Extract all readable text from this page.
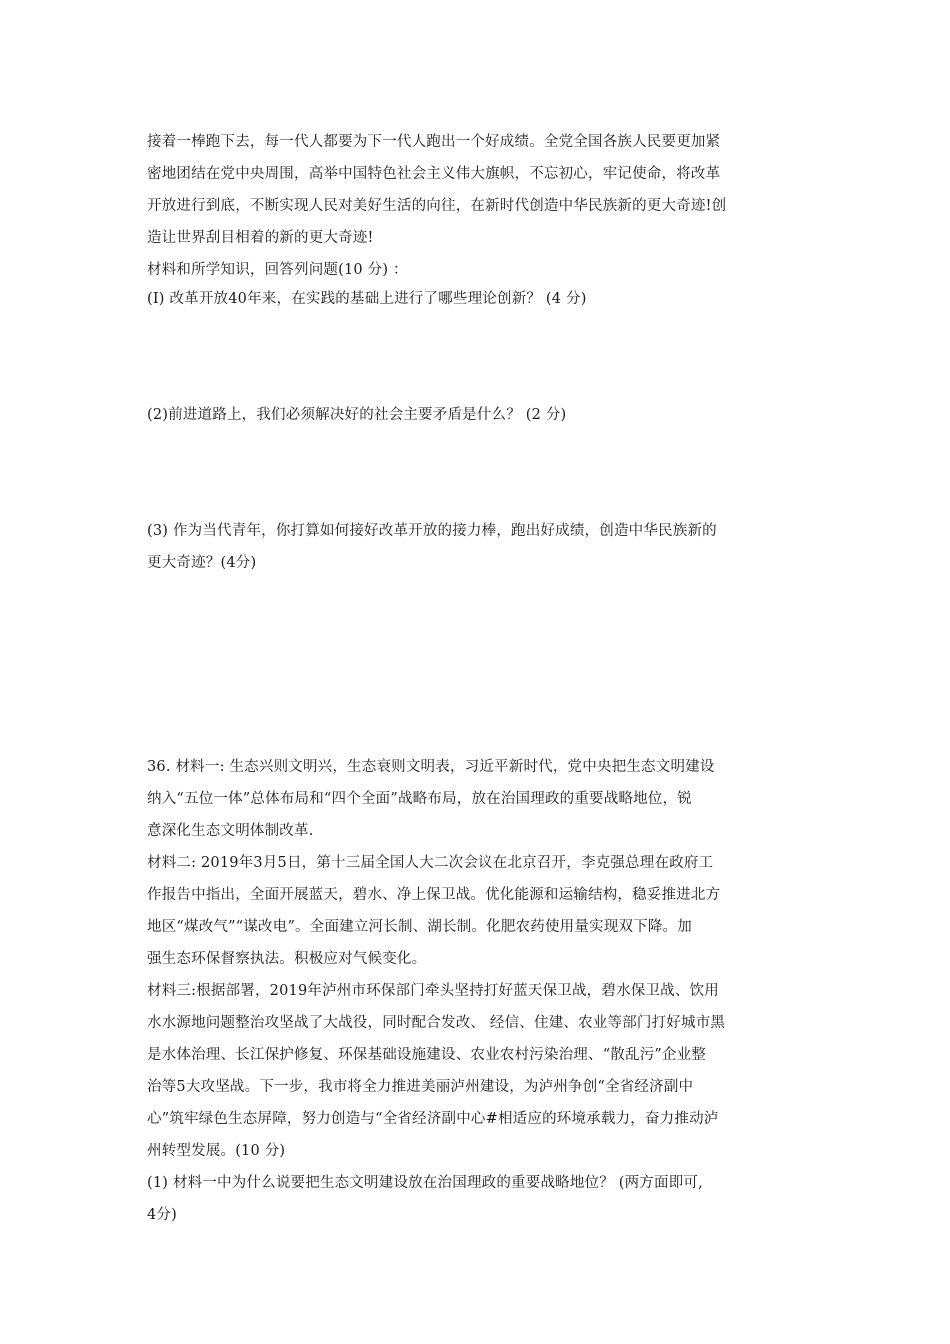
接着一棒跑下去，每一代人都要为下一代人跑出一个好成绩。全党全国各族人民要更加紧
密地团结在党中央周围，高举中国特色社会主义伟大旗帜，不忘初心，牢记使命，将改革
开放进行到底，不断实现人民对美好生活的向往，在新时代创造中华民族新的更大奇迹!创
造让世界刮目相着的新的更大奇迹!
材料和所学知识，回答列问题(10 分) ：
(I) 改革开放40年来，在实践的基础上进行了哪些理论创新？ (4 分)
(2)前进道路上，我们必须解决好的社会主要矛盾是什么？ (2 分)
(3) 作为当代青年，你打算如何接好改革开放的接力棒，跑出好成绩，创造中华民族新的
更大奇迹？(4分)
36. 材料一: 生态兴则文明兴，生态衰则文明表，习近平新时代，党中央把生态文明建设
纳入“五位一体”总体布局和“四个全面”战略布局，放在治国理政的重要战略地位，锐
意深化生态文明体制改革.
材料二: 2019年3月5日，第十三届全国人大二次会议在北京召开，李克强总理在政府工
作报告中指出，全面开展蓝天，碧水、净上保卫战。优化能源和运输结构，稳妥推进北方
地区“煤改气”“谋改电”。全面建立河长制、湖长制。化肥农药使用量实现双下降。加
强生态环保督察执法。积极应对气候变化。
材料三:根据部署，2019年泸州市环保部门牵头坚持打好蓝天保卫战，碧水保卫战、饮用
水水源地问题整治攻坚战了大战役，同时配合发改、 经信、住建、农业等部门打好城市黑
是水体治理、长江保护修复、环保基础设施建设、农业农村污染治理、“散乱污”企业整
治等5大攻坚战。下一步，我市将全力推进美丽泸州建设，为泸州争创“全省经济副中
心”筑牢绿色生态屏障，努力创造与“全省经济副中心#相适应的环境承载力，奋力推动泸
州转型发展。(10 分)
(1) 材料一中为什么说要把生态文明建设放在治国理政的重要战略地位？ (两方面即可,
4分)
